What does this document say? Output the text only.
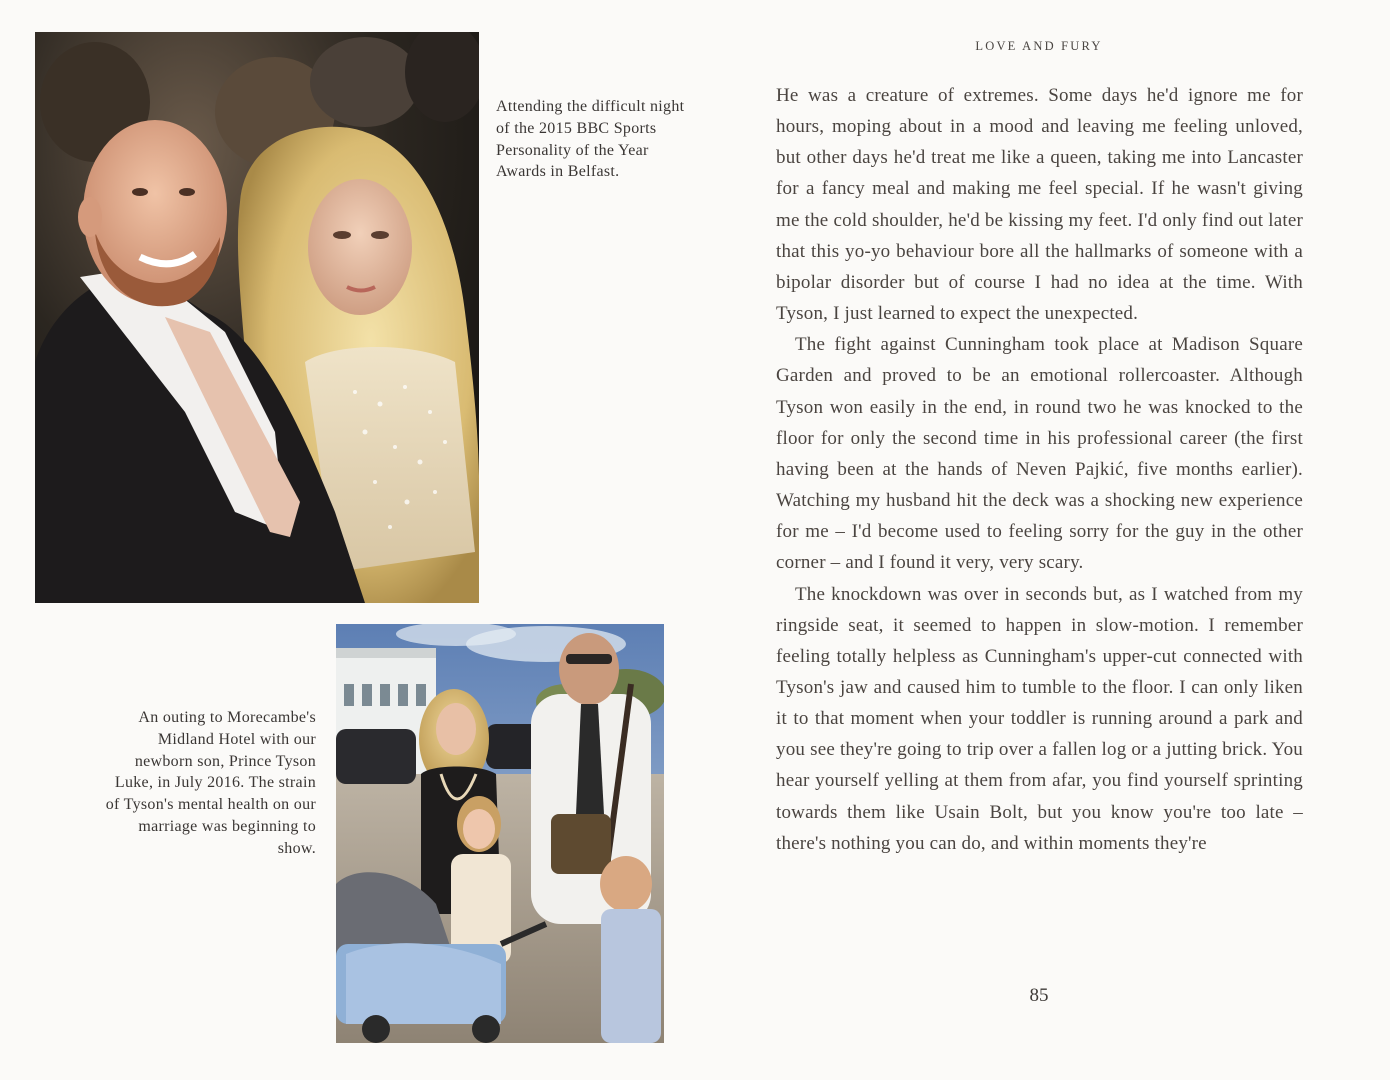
Attending the difficult night of the 2015 BBC Sports Personality of the Year Awards in Belfast.
An outing to Morecambe's Midland Hotel with our newborn son, Prince Tyson Luke, in July 2016. The strain of Tyson's mental health on our marriage was beginning to show.
LOVE AND FURY

He was a creature of extremes. Some days he'd ignore me for hours, moping about in a mood and leaving me feeling unloved, but other days he'd treat me like a queen, taking me into Lancaster for a fancy meal and making me feel special. If he wasn't giving me the cold shoulder, he'd be kissing my feet. I'd only find out later that this yo-yo behaviour bore all the hallmarks of someone with a bipolar disorder but of course I had no idea at the time. With Tyson, I just learned to expect the unexpected.

The fight against Cunningham took place at Madison Square Garden and proved to be an emotional rollercoaster. Although Tyson won easily in the end, in round two he was knocked to the floor for only the second time in his professional career (the first having been at the hands of Neven Pajkić, five months earlier). Watching my husband hit the deck was a shocking new experience for me – I'd become used to feeling sorry for the guy in the other corner – and I found it very, very scary.

The knockdown was over in seconds but, as I watched from my ringside seat, it seemed to happen in slow-motion. I remember feeling totally helpless as Cunningham's upper-cut connected with Tyson's jaw and caused him to tumble to the floor. I can only liken it to that moment when your toddler is running around a park and you see they're going to trip over a fallen log or a jutting brick. You hear yourself yelling at them from afar, you find yourself sprinting towards them like Usain Bolt, but you know you're too late – there's nothing you can do, and within moments they're

85
